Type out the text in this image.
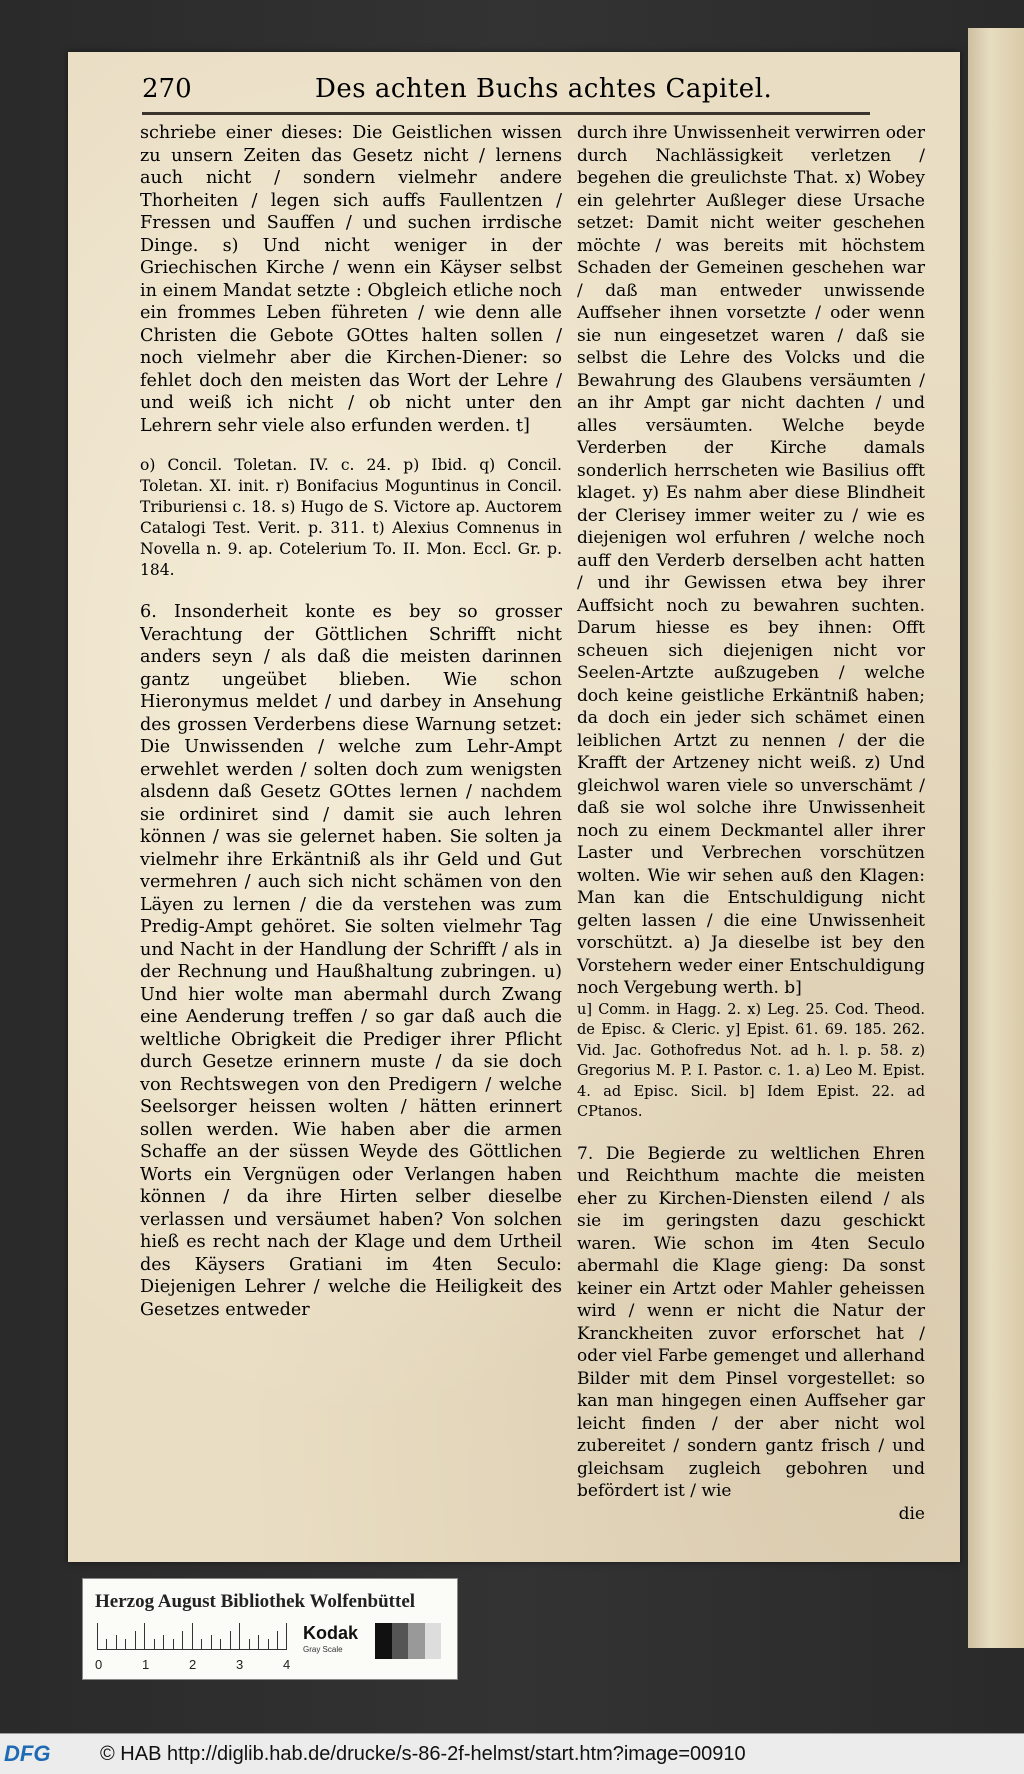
270	Des achten Buchs achtes Capitel.

schriebe einer dieses: Die Geistlichen wissen zu unsern Zeiten das Gesetz nicht / lernens auch nicht / sondern vielmehr andere Thorheiten / legen sich auffs Faullentzen / Fressen und Sauffen / und suchen irrdische Dinge. s) Und nicht weniger in der Griechischen Kirche / wenn ein Käyser selbst in einem Mandat setzte : Obgleich etliche noch ein frommes Leben führeten / wie denn alle Christen die Gebote GOttes halten sollen / noch vielmehr aber die Kirchen-Diener: so fehlet doch den meisten das Wort der Lehre / und weiß ich nicht / ob nicht unter den Lehrern sehr viele also erfunden werden. t]

o) Concil. Toletan. IV. c. 24. p) Ibid. q) Concil. Toletan. XI. init. r) Bonifacius Moguntinus in Concil. Triburiensi c. 18. s) Hugo de S. Victore ap. Auctorem Catalogi Test. Verit. p. 311. t) Alexius Comnenus in Novella n. 9. ap. Cotelerium To. II. Mon. Eccl. Gr. p. 184.

6. Insonderheit konte es bey so grosser Verachtung der Göttlichen Schrifft nicht anders seyn / als daß die meisten darinnen gantz ungeübet blieben. Wie schon Hieronymus meldet / und darbey in Ansehung des grossen Verderbens diese Warnung setzet: Die Unwissenden / welche zum Lehr-Ampt erwehlet werden / solten doch zum wenigsten alsdenn daß Gesetz GOttes lernen / nachdem sie ordiniret sind / damit sie auch lehren können / was sie gelernet haben. Sie solten ja vielmehr ihre Erkäntniß als ihr Geld und Gut vermehren / auch sich nicht schämen von den Läyen zu lernen / die da verstehen was zum Predig-Ampt gehöret. Sie solten vielmehr Tag und Nacht in der Handlung der Schrifft / als in der Rechnung und Haußhaltung zubringen. u) Und hier wolte man abermahl durch Zwang eine Aenderung treffen / so gar daß auch die weltliche Obrigkeit die Prediger ihrer Pflicht durch Gesetze erinnern muste / da sie doch von Rechtswegen von den Predigern / welche Seelsorger heissen wolten / hätten erinnert sollen werden. Wie haben aber die armen Schaffe an der süssen Weyde des Göttlichen Worts ein Vergnügen oder Verlangen haben können / da ihre Hirten selber dieselbe verlassen und versäumet haben? Von solchen hieß es recht nach der Klage und dem Urtheil des Käysers Gratiani im 4ten Seculo: Diejenigen Lehrer / welche die Heiligkeit des Gesetzes entweder

durch ihre Unwissenheit verwirren oder durch Nachlässigkeit verletzen / begehen die greulichste That. x) Wobey ein gelehrter Außleger diese Ursache setzet: Damit nicht weiter geschehen möchte / was bereits mit höchstem Schaden der Gemeinen geschehen war / daß man entweder unwissende Auffseher ihnen vorsetzte / oder wenn sie nun eingesetzet waren / daß sie selbst die Lehre des Volcks und die Bewahrung des Glaubens versäumten / an ihr Ampt gar nicht dachten / und alles versäumten. Welche beyde Verderben der Kirche damals sonderlich herrscheten wie Basilius offt klaget. y) Es nahm aber diese Blindheit der Clerisey immer weiter zu / wie es diejenigen wol erfuhren / welche noch auff den Verderb derselben acht hatten / und ihr Gewissen etwa bey ihrer Auffsicht noch zu bewahren suchten. Darum hiesse es bey ihnen: Offt scheuen sich diejenigen nicht vor Seelen-Artzte außzugeben / welche doch keine geistliche Erkäntniß haben; da doch ein jeder sich schämet einen leiblichen Artzt zu nennen / der die Krafft der Artzeney nicht weiß. z) Und gleichwol waren viele so unverschämt / daß sie wol solche ihre Unwissenheit noch zu einem Deckmantel aller ihrer Laster und Verbrechen vorschützen wolten. Wie wir sehen auß den Klagen: Man kan die Entschuldigung nicht gelten lassen / die eine Unwissenheit vorschützt. a) Ja dieselbe ist bey den Vorstehern weder einer Entschuldigung noch Vergebung werth. b]

u] Comm. in Hagg. 2. x) Leg. 25. Cod. Theod. de Episc. & Cleric. y] Epist. 61. 69. 185. 262. Vid. Jac. Gothofredus Not. ad h. l. p. 58. z) Gregorius M. P. I. Pastor. c. 1. a) Leo M. Epist. 4. ad Episc. Sicil. b] Idem Epist. 22. ad CPtanos.

7. Die Begierde zu weltlichen Ehren und Reichthum machte die meisten eher zu Kirchen-Diensten eilend / als sie im geringsten dazu geschickt waren. Wie schon im 4ten Seculo abermahl die Klage gieng: Da sonst keiner ein Artzt oder Mahler geheissen wird / wenn er nicht die Natur der Kranckheiten zuvor erforschet hat / oder viel Farbe gemenget und allerhand Bilder mit dem Pinsel vorgestellet: so kan man hingegen einen Auffseher gar leicht finden / der aber nicht wol zubereitet / sondern gantz frisch / und gleichsam zugleich gebohren und befördert ist / wie

die

Herzog August Bibliothek Wolfenbüttel
0	1	2	3	4
Kodak
Gray Scale
DFG © HAB http://diglib.hab.de/drucke/s-86-2f-helmst/start.htm?image=00910
